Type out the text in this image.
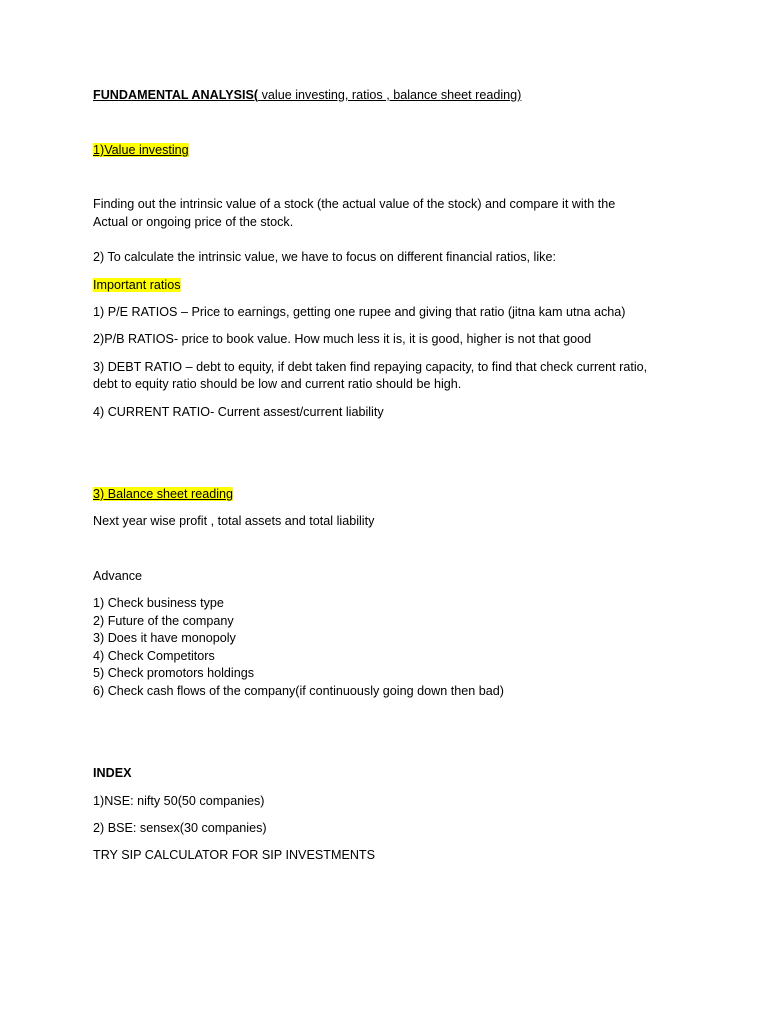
FUNDAMENTAL ANALYSIS( value investing, ratios , balance sheet reading)
1)Value investing
Finding out the intrinsic value of a stock (the actual value of the stock) and compare it with the
Actual or ongoing price of the stock.
2) To calculate the intrinsic value, we have to focus on different financial ratios, like:
Important ratios
1) P/E RATIOS – Price to earnings, getting one rupee and giving that ratio (jitna kam utna acha)
2)P/B RATIOS- price to book value. How much less it is, it is good, higher is not that good
3) DEBT RATIO – debt to equity, if debt taken find repaying capacity, to find that check current ratio,
debt to equity ratio should be low and current ratio should be high.
4) CURRENT RATIO- Current assest/current liability
3) Balance sheet reading
Next year wise profit , total assets and total liability
Advance
1) Check business type
2) Future of the company
3) Does it have monopoly
4) Check Competitors
5) Check promotors holdings
6) Check cash flows of the company(if continuously going down then bad)
INDEX
1)NSE: nifty 50(50 companies)
2) BSE: sensex(30 companies)
TRY SIP CALCULATOR FOR SIP INVESTMENTS
